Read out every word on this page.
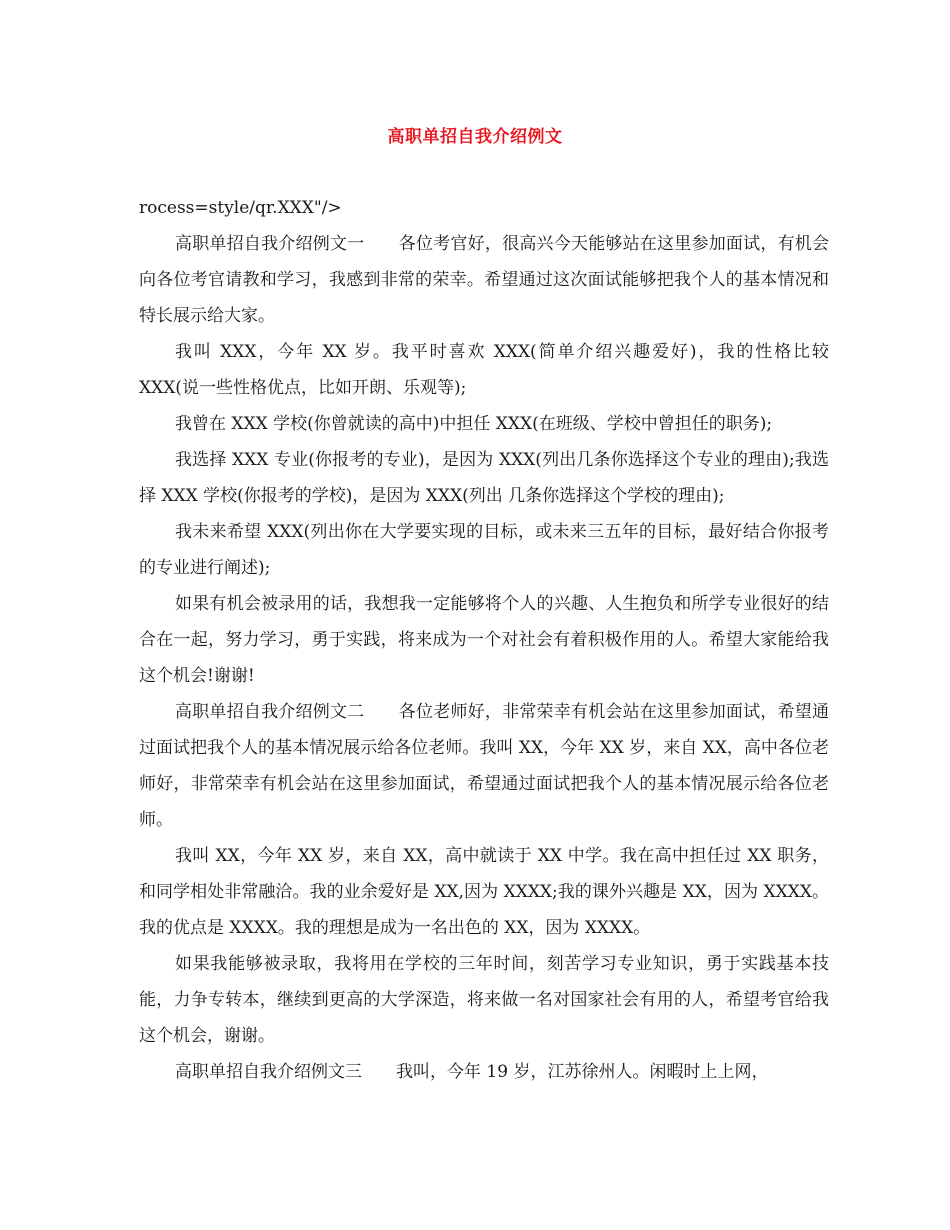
高职单招自我介绍例文

rocess=style/qr.XXX"/>

高职单招自我介绍例文一　　各位考官好，很高兴今天能够站在这里参加面试，有机会向各位考官请教和学习，我感到非常的荣幸。希望通过这次面试能够把我个人的基本情况和特长展示给大家。

我叫 XXX，今年 XX 岁。我平时喜欢 XXX(简单介绍兴趣爱好)，我的性格比较 XXX(说一些性格优点，比如开朗、乐观等);

我曾在 XXX 学校(你曾就读的高中)中担任 XXX(在班级、学校中曾担任的职务);

我选择 XXX 专业(你报考的专业)，是因为 XXX(列出几条你选择这个专业的理由);我选择 XXX 学校(你报考的学校)，是因为 XXX(列出 几条你选择这个学校的理由);

我未来希望 XXX(列出你在大学要实现的目标，或未来三五年的目标，最好结合你报考的专业进行阐述);

如果有机会被录用的话，我想我一定能够将个人的兴趣、人生抱负和所学专业很好的结合在一起，努力学习，勇于实践，将来成为一个对社会有着积极作用的人。希望大家能给我这个机会!谢谢!

高职单招自我介绍例文二　　各位老师好，非常荣幸有机会站在这里参加面试，希望通过面试把我个人的基本情况展示给各位老师。我叫 XX，今年 XX 岁，来自 XX，高中各位老师好，非常荣幸有机会站在这里参加面试，希望通过面试把我个人的基本情况展示给各位老师。

我叫 XX，今年 XX 岁，来自 XX，高中就读于 XX 中学。我在高中担任过 XX 职务，和同学相处非常融洽。我的业余爱好是 XX,因为 XXXX;我的课外兴趣是 XX，因为 XXXX。我的优点是 XXXX。我的理想是成为一名出色的 XX，因为 XXXX。

如果我能够被录取，我将用在学校的三年时间，刻苦学习专业知识，勇于实践基本技能，力争专转本，继续到更高的大学深造，将来做一名对国家社会有用的人，希望考官给我这个机会，谢谢。

高职单招自我介绍例文三　　我叫，今年 19 岁，江苏徐州人。闲暇时上上网，
